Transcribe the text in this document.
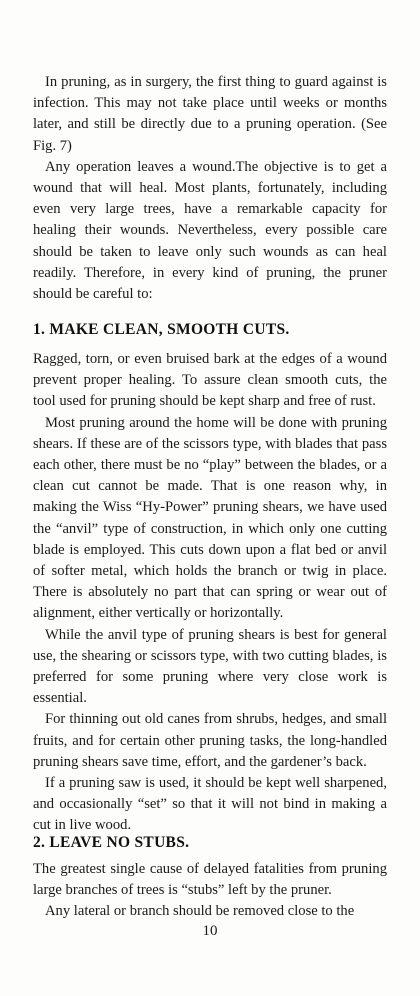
In pruning, as in surgery, the first thing to guard against is infection. This may not take place until weeks or months later, and still be directly due to a pruning operation. (See Fig. 7)

Any operation leaves a wound.The objective is to get a wound that will heal. Most plants, fortunately, including even very large trees, have a remarkable capacity for healing their wounds. Nevertheless, every possible care should be taken to leave only such wounds as can heal readily. Therefore, in every kind of pruning, the pruner should be careful to:

1. MAKE CLEAN, SMOOTH CUTS.

Ragged, torn, or even bruised bark at the edges of a wound prevent proper healing. To assure clean smooth cuts, the tool used for pruning should be kept sharp and free of rust.

Most pruning around the home will be done with pruning shears. If these are of the scissors type, with blades that pass each other, there must be no “play” between the blades, or a clean cut cannot be made. That is one reason why, in making the Wiss “Hy-Power” pruning shears, we have used the “anvil” type of construction, in which only one cutting blade is employed. This cuts down upon a flat bed or anvil of softer metal, which holds the branch or twig in place. There is absolutely no part that can spring or wear out of alignment, either vertically or horizontally.

While the anvil type of pruning shears is best for general use, the shearing or scissors type, with two cutting blades, is preferred for some pruning where very close work is essential.

For thinning out old canes from shrubs, hedges, and small fruits, and for certain other pruning tasks, the long-handled pruning shears save time, effort, and the gardener’s back.

If a pruning saw is used, it should be kept well sharpened, and occasionally “set” so that it will not bind in making a cut in live wood.

2. LEAVE NO STUBS.

The greatest single cause of delayed fatalities from pruning large branches of trees is “stubs” left by the pruner.

Any lateral or branch should be removed close to the

10
